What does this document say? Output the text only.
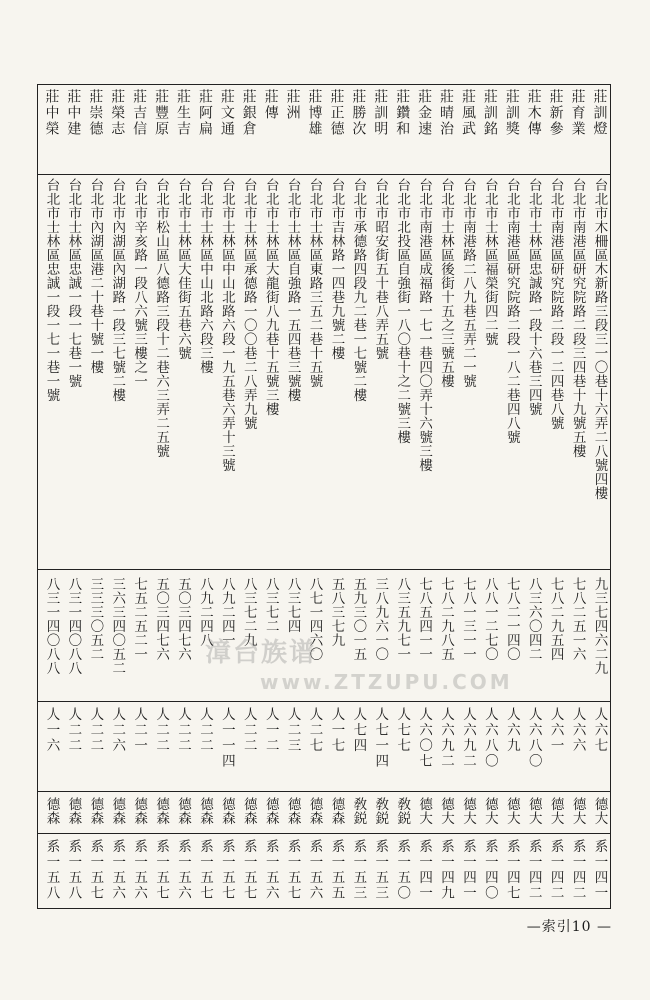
莊訓燈
莊育業
莊新參
莊木傳
莊訓獎
莊訓銘
莊風武
莊晴治
莊金速
莊鑽和
莊訓明
莊勝次
莊正德
莊博雄
莊洲
莊傳
莊銀倉
莊文通
莊阿扁
莊生吉
莊豐原
莊吉信
莊榮志
莊崇德
莊中建
莊中榮
台北市木柵區木新路三段三一〇巷十六弄二八號四樓
台北市南港區研究院路二段三四巷十九號五樓
台北市南港區研究院路二段一二四巷八號
台北市士林區忠誠路一段十六巷三四號
台北市南港區研究院路二段一八二巷四八號
台北市士林區福榮街四二號
台北市南港路二八九巷五弄二一號
台北市士林區後街十五之三號五樓
台北市南港區成福路一七一巷四〇弄十六號三樓
台北市北投區自強街一八〇巷十之二號三樓
台北市昭安街五十巷八弄五號
台北市承德路四段九二巷一七號二樓
台北市吉林路一四巷九號二樓
台北市士林區東路三五二巷十五號
台北市士林區自強路一五四巷三號樓
台北市士林區大龍街八九巷十五號三樓
台北市士林區承德路一〇〇巷二八弄九號
台北市士林區中山北路六段一九五巷六弄十三號
台北市士林區中山北路六段三樓
台北市士林區大佳街五巷六號
台北市松山區八德路三段十二巷六三弄二五號
台北市辛亥路一段八六號三樓之一
台北市內湖區內湖路一段三七號二樓
台北市內湖區港二十巷十號一樓
台北市士林區忠誠一段一七巷一號
台北市士林區忠誠一段一七一巷一號
九三七四六二九
七八二五一六
七八二九五四
八三六〇四二
七八二一四〇
八八一二七〇
七八一三一一
七八二九八五
七八五四一一
八三五九七一
三八九六一〇
五九三〇一五
五八三七九
八七一四六〇
八三七四
八三七二
八三七二九
八九二四一
八九二四八
五〇三四七六
五〇三四七六
七五二五二一
三六三四〇五二
三三三〇五二
八三一四〇八八
八三一四〇八八
人六七
人六六
人六一
人六八〇
人六九
人六八〇
人六九二
人六九二
人六〇七
人七七
人七一四
人七四
人一七
人二七
人二三
人一二
人二二
人一一四
人二二
人二二
人二二
人二一
人二六
人二二
人二二
人一六
德大
德大
德大
德大
德大
德大
德大
德大
德大
敎鋭
敎鋭
敎鋭
德森
德森
德森
德森
德森
德森
德森
德森
德森
德森
德森
德森
德森
德森
系一四一
系一四二
系一四二
系一四二
系一四七
系一四〇
系一四一
系一四九
系一四一
系一五〇
系一五三
系一五三
系一五五
系一五六
系一五七
系一五六
系一五七
系一五七
系一五七
系一五六
系一五七
系一五六
系一五六
系一五七
系一五八
系一五八
漳台族谱
www.ZTZUPU.COM
—索引10 —
